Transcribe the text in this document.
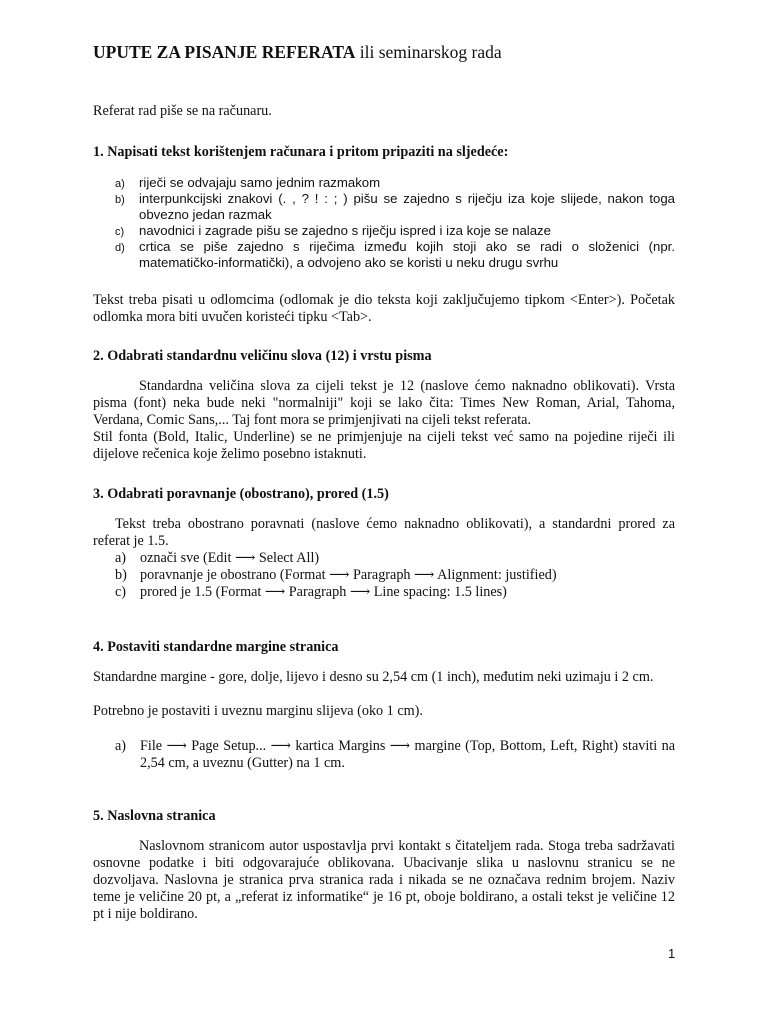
UPUTE ZA PISANJE REFERATA ili seminarskog rada
Referat rad piše se na računaru.
1. Napisati tekst korištenjem računara i pritom pripaziti na sljedeće:
a) riječi se odvajaju samo jednim razmakom
b) interpunkcijski znakovi (. , ? ! : ; ) pišu se zajedno s riječju iza koje slijede, nakon toga obvezno jedan razmak
c) navodnici i zagrade pišu se zajedno s riječju ispred i iza koje se nalaze
d) crtica se piše zajedno s riječima između kojih stoji ako se radi o složenici (npr. matematičko-informatički), a odvojeno ako se koristi u neku drugu svrhu
Tekst treba pisati u odlomcima (odlomak je dio teksta koji zaključujemo tipkom <Enter>). Početak odlomka mora biti uvučen koristeći tipku <Tab>.
2. Odabrati standardnu veličinu slova (12) i vrstu pisma
Standardna veličina slova za cijeli tekst je 12 (naslove ćemo naknadno oblikovati). Vrsta pisma (font) neka bude neki "normalniji" koji se lako čita: Times New Roman, Arial, Tahoma, Verdana, Comic Sans,... Taj font mora se primjenjivati na cijeli tekst referata.
Stil fonta (Bold, Italic, Underline) se ne primjenjuje na cijeli tekst već samo na pojedine riječi ili dijelove rečenica koje želimo posebno istaknuti.
3. Odabrati poravnanje (obostrano), prored (1.5)
Tekst treba obostrano poravnati (naslove ćemo naknadno oblikovati), a standardni prored za referat je 1.5.
a) označi sve (Edit ⟶ Select All)
b) poravnanje je obostrano (Format ⟶ Paragraph ⟶ Alignment: justified)
c) prored je 1.5 (Format ⟶ Paragraph ⟶ Line spacing: 1.5 lines)
4. Postaviti standardne margine stranica
Standardne margine - gore, dolje, lijevo i desno su 2,54 cm (1 inch), međutim neki uzimaju i 2 cm.
Potrebno je postaviti i uveznu marginu slijeva (oko 1 cm).
a) File ⟶ Page Setup... ⟶ kartica Margins ⟶ margine (Top, Bottom, Left, Right) staviti na 2,54 cm, a uveznu (Gutter) na 1 cm.
5. Naslovna stranica
Naslovnom stranicom autor uspostavlja prvi kontakt s čitateljem rada. Stoga treba sadržavati osnovne podatke i biti odgovarajuće oblikovana. Ubacivanje slika u naslovnu stranicu se ne dozvoljava. Naslovna je stranica prva stranica rada i nikada se ne označava rednim brojem. Naziv teme je veličine 20 pt, a „referat iz informatike“ je 16 pt, oboje boldirano, a ostali tekst je veličine 12 pt i nije boldirano.
1
